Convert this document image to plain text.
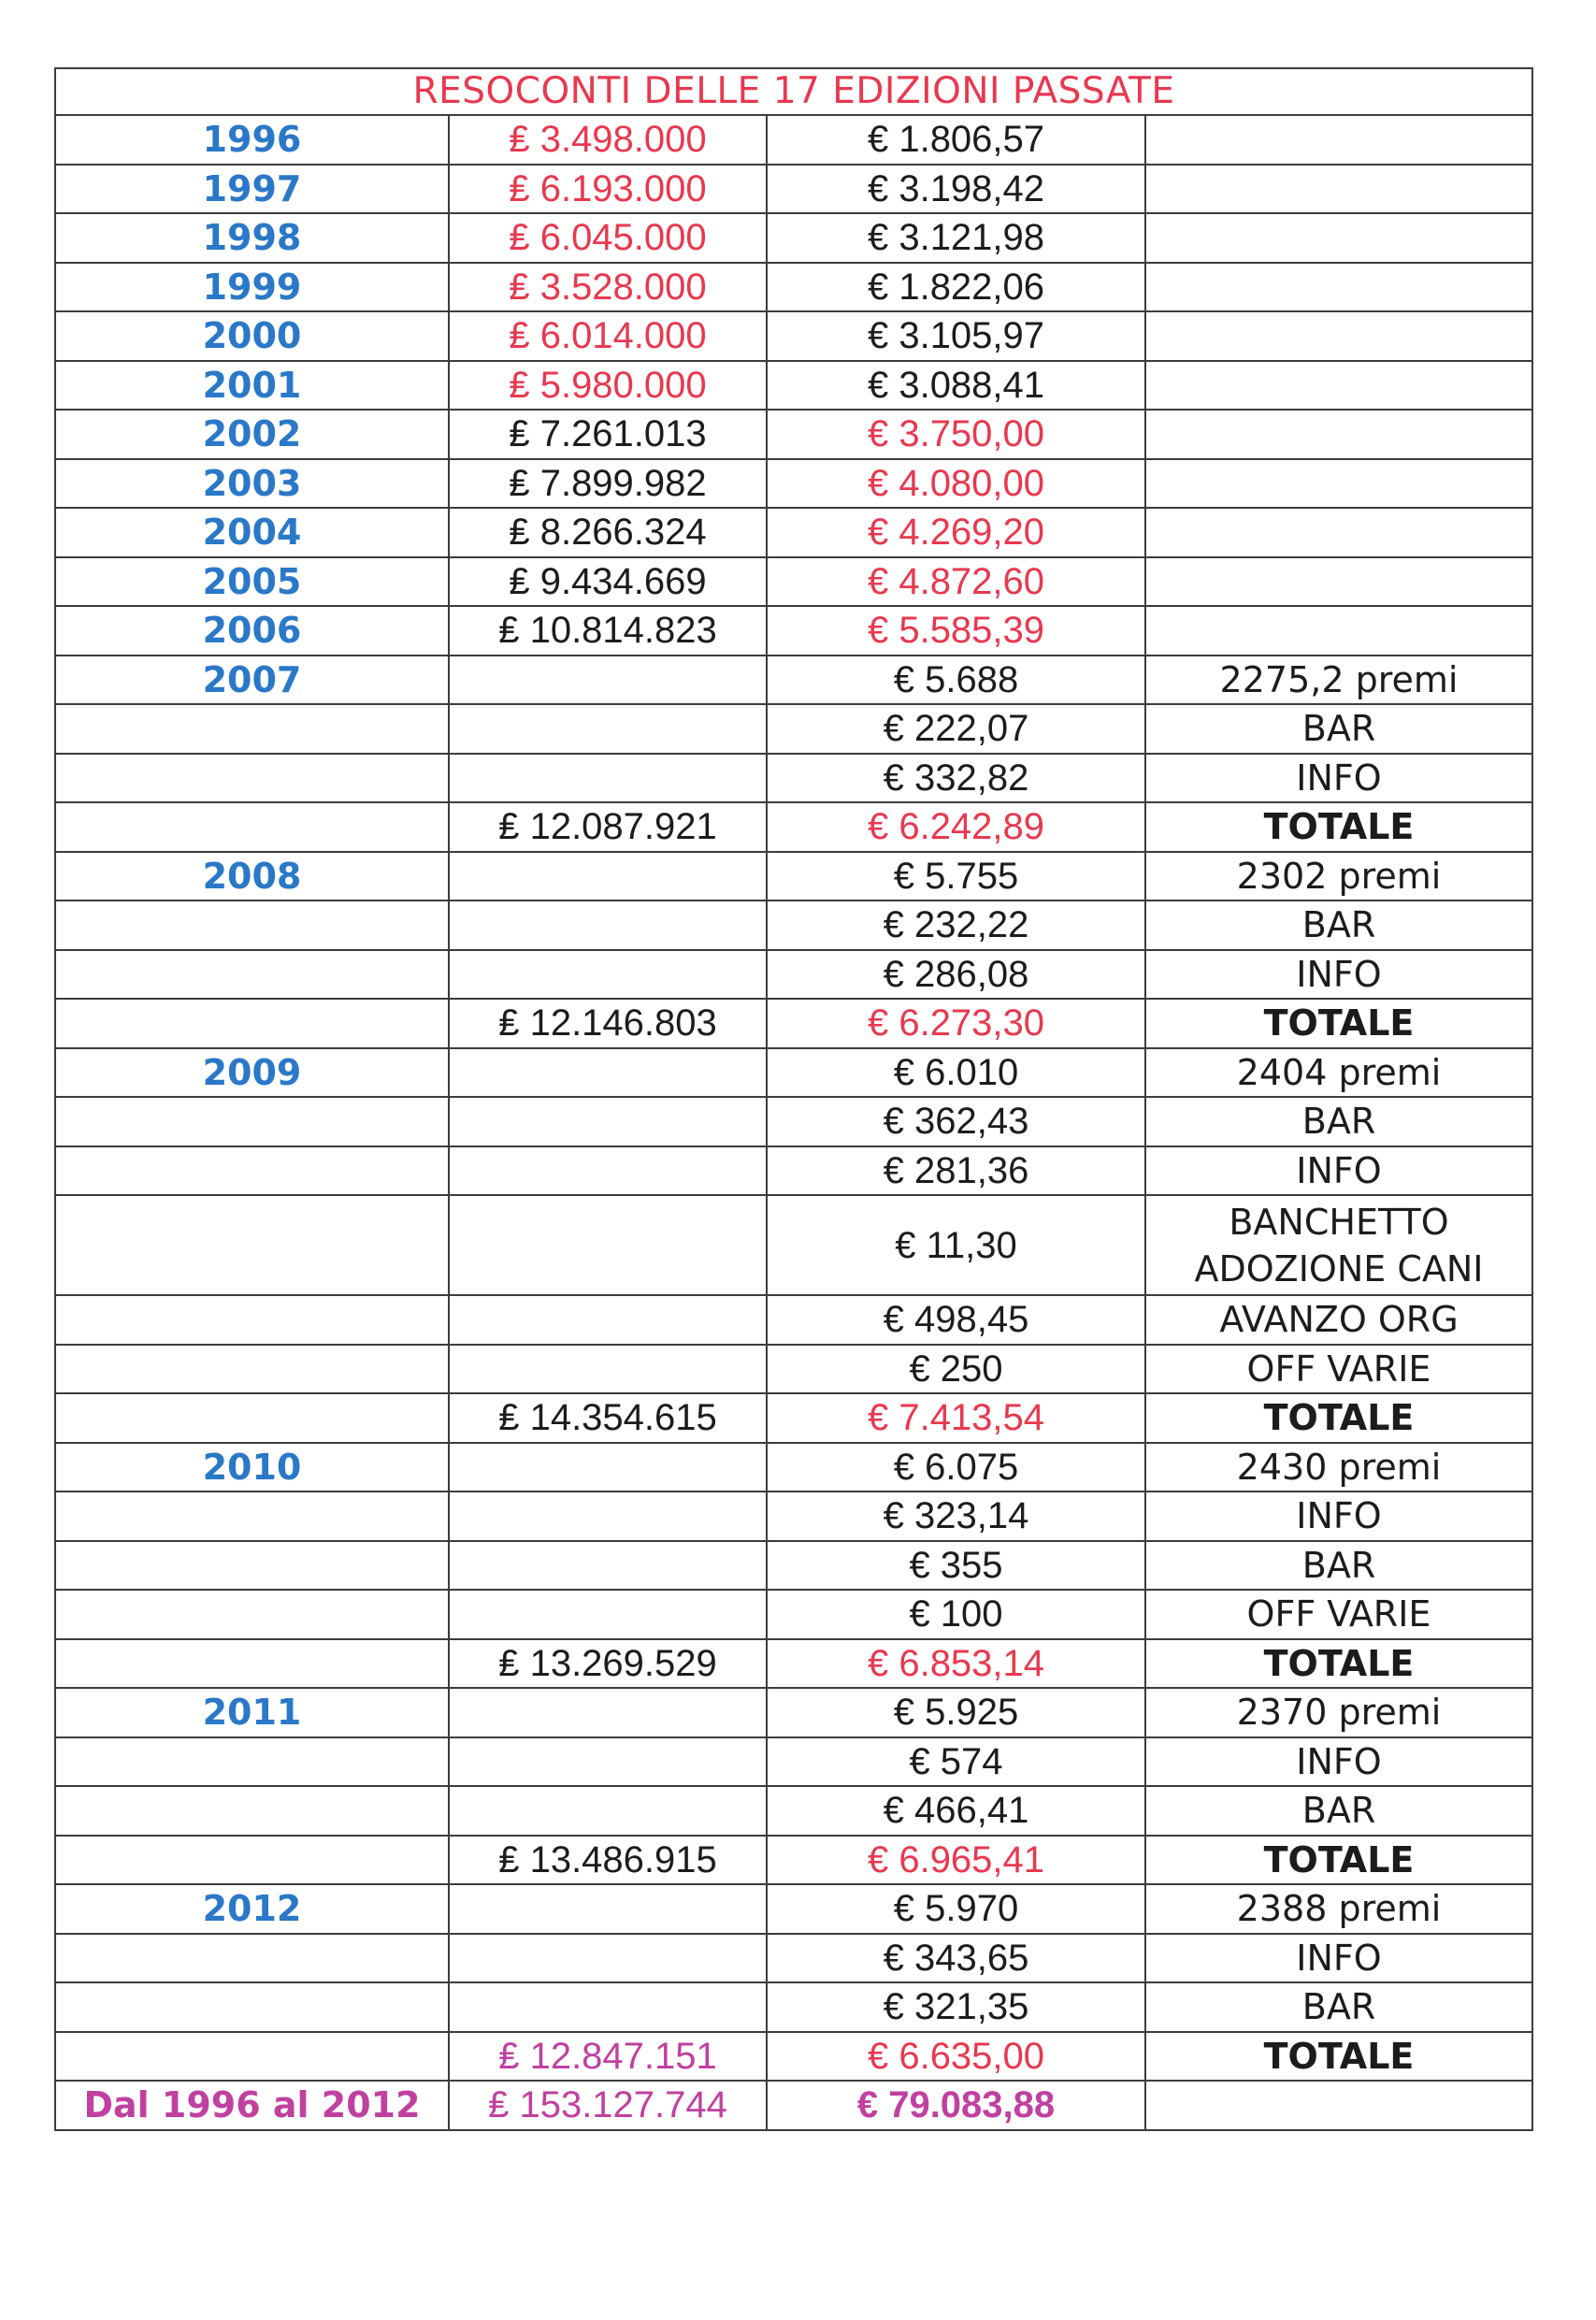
RESOCONTI DELLE 17 EDIZIONI PASSATE			
1996	₤ 3.498.000	€ 1.806,57	
1997	₤ 6.193.000	€ 3.198,42	
1998	₤ 6.045.000	€ 3.121,98	
1999	₤ 3.528.000	€ 1.822,06	
2000	₤ 6.014.000	€ 3.105,97	
2001	₤ 5.980.000	€ 3.088,41	
2002	₤ 7.261.013	€ 3.750,00	
2003	₤ 7.899.982	€ 4.080,00	
2004	₤ 8.266.324	€ 4.269,20	
2005	₤ 9.434.669	€ 4.872,60	
2006	₤ 10.814.823	€ 5.585,39	
2007		€ 5.688	2275,2 premi
		€ 222,07	BAR
		€ 332,82	INFO
	₤ 12.087.921	€ 6.242,89	TOTALE
2008		€ 5.755	2302 premi
		€ 232,22	BAR
		€ 286,08	INFO
	₤ 12.146.803	€ 6.273,30	TOTALE
2009		€ 6.010	2404 premi
		€ 362,43	BAR
		€ 281,36	INFO
		€ 11,30	BANCHETTO ADOZIONE CANI
		€ 498,45	AVANZO ORG
		€ 250	OFF VARIE
	₤ 14.354.615	€ 7.413,54	TOTALE
2010		€ 6.075	2430 premi
		€ 323,14	INFO
		€ 355	BAR
		€ 100	OFF VARIE
	₤ 13.269.529	€ 6.853,14	TOTALE
2011		€ 5.925	2370 premi
		€ 574	INFO
		€ 466,41	BAR
	₤ 13.486.915	€ 6.965,41	TOTALE
2012		€ 5.970	2388 premi
		€ 343,65	INFO
		€ 321,35	BAR
	₤ 12.847.151	€ 6.635,00	TOTALE
Dal 1996 al 2012	₤ 153.127.744	€ 79.083,88	
